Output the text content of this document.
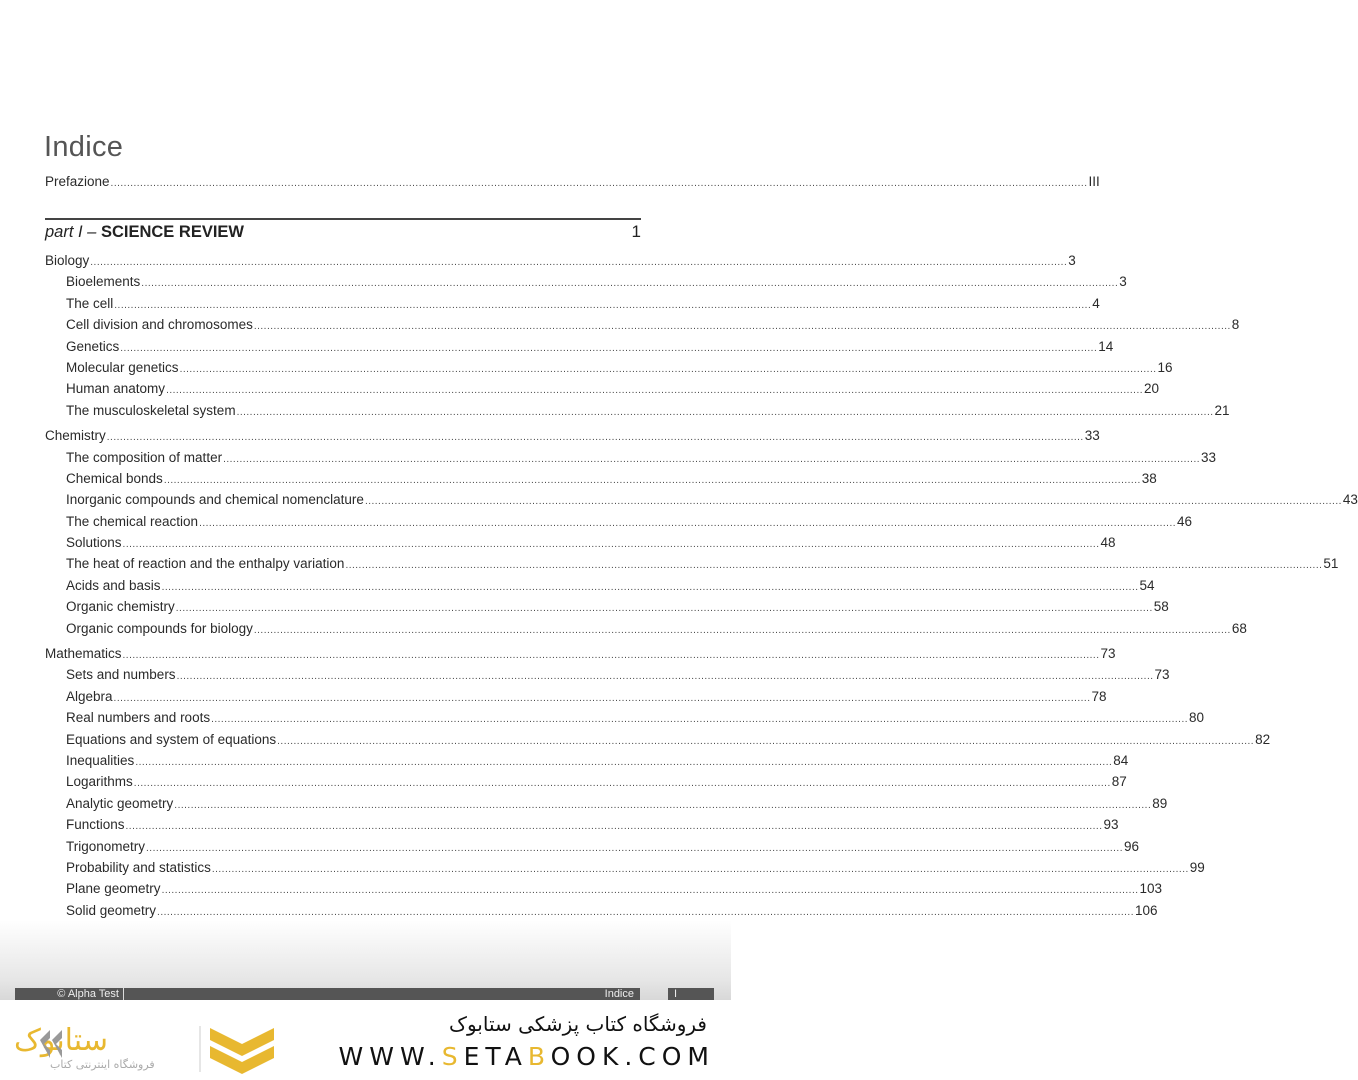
Indice
Prefazione .....	III
part I – SCIENCE REVIEW	1
Biology .....	3
Bioelements .....	3
The cell .....	4
Cell division and chromosomes .....	8
Genetics .....	14
Molecular genetics .....	16
Human anatomy .....	20
The musculoskeletal system .....	21
Chemistry .....	33
The composition of matter .....	33
Chemical bonds .....	38
Inorganic compounds and chemical nomenclature .....	43
The chemical reaction .....	46
Solutions .....	48
The heat of reaction and the enthalpy variation .....	51
Acids and basis .....	54
Organic chemistry .....	58
Organic compounds for biology .....	68
Mathematics .....	73
Sets and numbers .....	73
Algebra .....	78
Real numbers and roots .....	80
Equations and system of equations .....	82
Inequalities .....	84
Logarithms .....	87
Analytic geometry .....	89
Functions .....	93
Trigonometry .....	96
Probability and statistics .....	99
Plane geometry .....	103
Solid geometry .....	106
© Alpha Test	Indice	I
ستابوک
فروشگاه اینترنتی کتاب
فروشگاه کتاب پزشکی ستابوک
WWW.SETABOOK.COM
